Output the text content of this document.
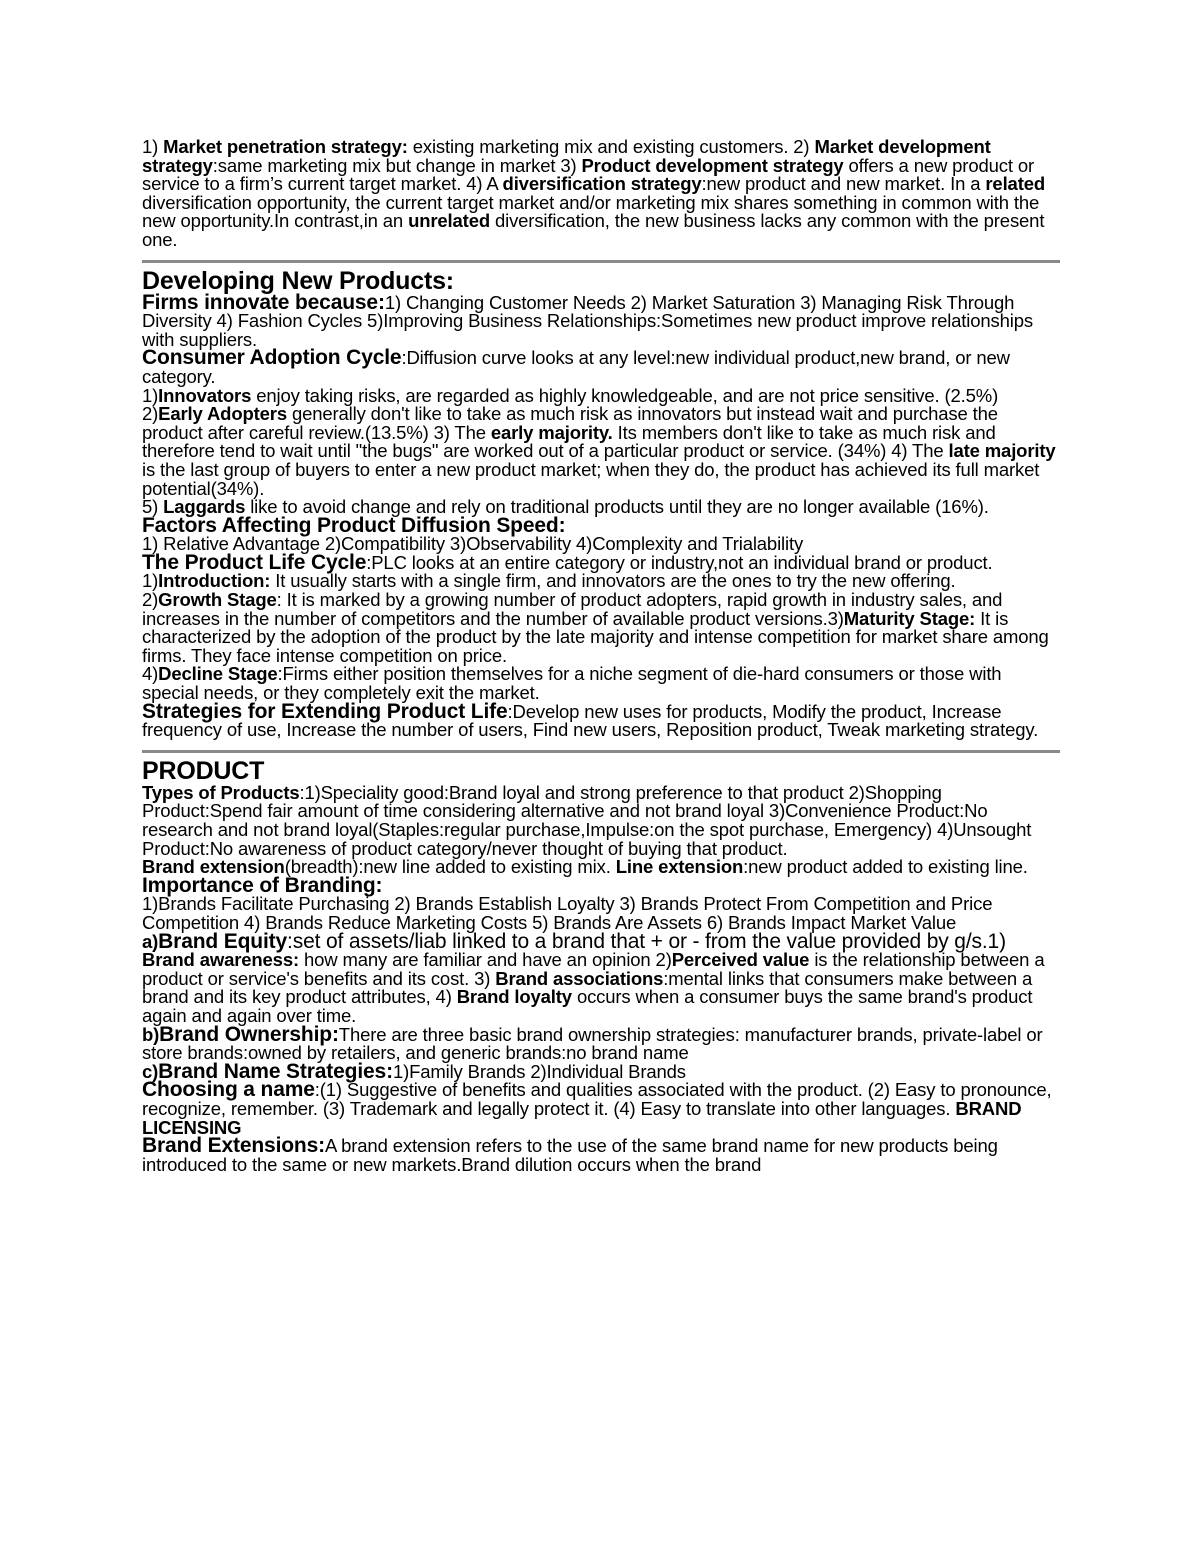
1) Market penetration strategy: existing marketing mix and existing customers. 2) Market development strategy:same marketing mix but change in market 3) Product development strategy offers a new product or service to a firm’s current target market. 4) A diversification strategy:new product and new market. In a related diversification opportunity, the current target market and/or marketing mix shares something in common with the new opportunity.In contrast,in an unrelated diversification, the new business lacks any common with the present one.

Developing New Products:

Firms innovate because:1) Changing Customer Needs 2) Market Saturation 3) Managing Risk Through Diversity 4) Fashion Cycles 5)Improving Business Relationships:Sometimes new product improve relationships with suppliers.

Consumer Adoption Cycle:Diffusion curve looks at any level:new individual product,new brand, or new category.

1)Innovators enjoy taking risks, are regarded as highly knowledgeable, and are not price sensitive. (2.5%)

2)Early Adopters generally don't like to take as much risk as innovators but instead wait and purchase the product after careful review.(13.5%) 3) The early majority. Its members don't like to take as much risk and therefore tend to wait until "the bugs" are worked out of a particular product or service. (34%) 4) The late majority is the last group of buyers to enter a new product market; when they do, the product has achieved its full market potential(34%).

5) Laggards like to avoid change and rely on traditional products until they are no longer available (16%).

Factors Affecting Product Diffusion Speed:

1) Relative Advantage 2)Compatibility 3)Observability 4)Complexity and Trialability

The Product Life Cycle:PLC looks at an entire category or industry,not an individual brand or product.

1)Introduction: It usually starts with a single firm, and innovators are the ones to try the new offering.

2)Growth Stage: It is marked by a growing number of product adopters, rapid growth in industry sales, and increases in the number of competitors and the number of available product versions.3)Maturity Stage: It is characterized by the adoption of the product by the late majority and intense competition for market share among firms. They face intense competition on price.

4)Decline Stage:Firms either position themselves for a niche segment of die-hard consumers or those with special needs, or they completely exit the market.

Strategies for Extending Product Life:Develop new uses for products, Modify the product, Increase frequency of use, Increase the number of users, Find new users, Reposition product, Tweak marketing strategy.

PRODUCT

Types of Products:1)Speciality good:Brand loyal and strong preference to that product 2)Shopping Product:Spend fair amount of time considering alternative and not brand loyal 3)Convenience Product:No research and not brand loyal(Staples:regular purchase,Impulse:on the spot purchase, Emergency) 4)Unsought Product:No awareness of product category/never thought of buying that product.

Brand extension(breadth):new line added to existing mix. Line extension:new product added to existing line.

Importance of Branding:

1)Brands Facilitate Purchasing 2) Brands Establish Loyalty 3) Brands Protect From Competition and Price Competition 4) Brands Reduce Marketing Costs 5) Brands Are Assets 6) Brands Impact Market Value

a)Brand Equity:set of assets/liab linked to a brand that + or - from the value provided by g/s.1) Brand awareness: how many are familiar and have an opinion 2)Perceived value is the relationship between a product or service's benefits and its cost. 3) Brand associations:mental links that consumers make between a brand and its key product attributes, 4) Brand loyalty occurs when a consumer buys the same brand's product again and again over time.

b)Brand Ownership:There are three basic brand ownership strategies: manufacturer brands, private-label or store brands:owned by retailers, and generic brands:no brand name

c)Brand Name Strategies:1)Family Brands 2)Individual Brands

Choosing a name:(1) Suggestive of benefits and qualities associated with the product. (2) Easy to pronounce, recognize, remember. (3) Trademark and legally protect it. (4) Easy to translate into other languages. BRAND LICENSING

Brand Extensions:A brand extension refers to the use of the same brand name for new products being introduced to the same or new markets.Brand dilution occurs when the brand
